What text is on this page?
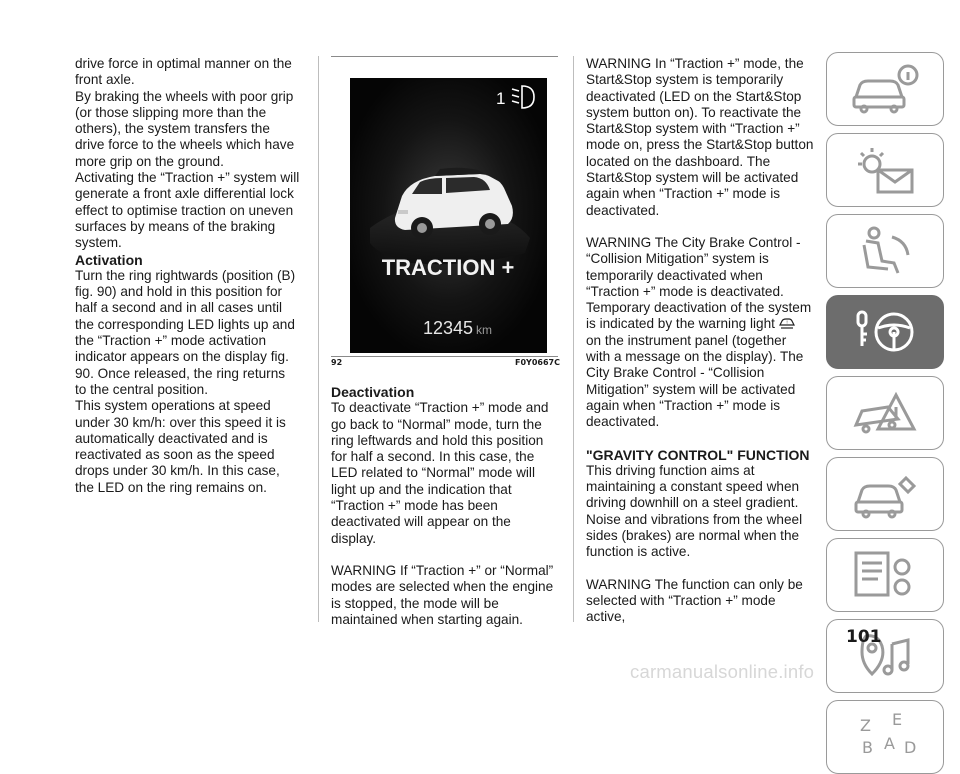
drive force in optimal manner on the front axle.

By braking the wheels with poor grip (or those slipping more than the others), the system transfers the drive force to the wheels which have more grip on the ground.

Activating the “Traction +” system will generate a front axle differential lock effect to optimise traction on uneven surfaces by means of the braking system.

Activation

Turn the ring rightwards (position (B) fig. 90) and hold in this position for half a second and in all cases until the corresponding LED lights up and the “Traction +” mode activation indicator appears on the display fig. 90. Once released, the ring returns to the central position.

This system operations at speed under 30 km/h: over this speed it is automatically deactivated and is reactivated as soon as the speed drops under 30 km/h. In this case, the LED on the ring remains on.

1
TRACTION +
12345 km
92	F0Y0667C
Deactivation

To deactivate “Traction +” mode and go back to “Normal” mode, turn the ring leftwards and hold this position for half a second. In this case, the LED related to “Normal” mode will light up and the indication that “Traction +” mode has been deactivated will appear on the display.

WARNING If “Traction +” or “Normal” modes are selected when the engine is stopped, the mode will be maintained when starting again.

WARNING In “Traction +” mode, the Start&Stop system is temporarily deactivated (LED on the Start&Stop system button on). To reactivate the Start&Stop system with “Traction +” mode on, press the Start&Stop button located on the dashboard. The Start&Stop system will be activated again when “Traction +” mode is deactivated.

WARNING The City Brake Control - “Collision Mitigation” system is temporarily deactivated when “Traction +” mode is deactivated. Temporary deactivation of the system is indicated by the warning light	!
on the instrument panel (together with a message on the display). The City Brake Control - “Collision Mitigation” system will be activated again when “Traction +” mode is deactivated.

"GRAVITY CONTROL" FUNCTION

This driving function aims at maintaining a constant speed when driving downhill on a steel gradient. Noise and vibrations from the wheel sides (brakes) are normal when the function is active.

WARNING The function can only be selected with “Traction +” mode active,

Z E
B A D
101
carmanualsonline.info
